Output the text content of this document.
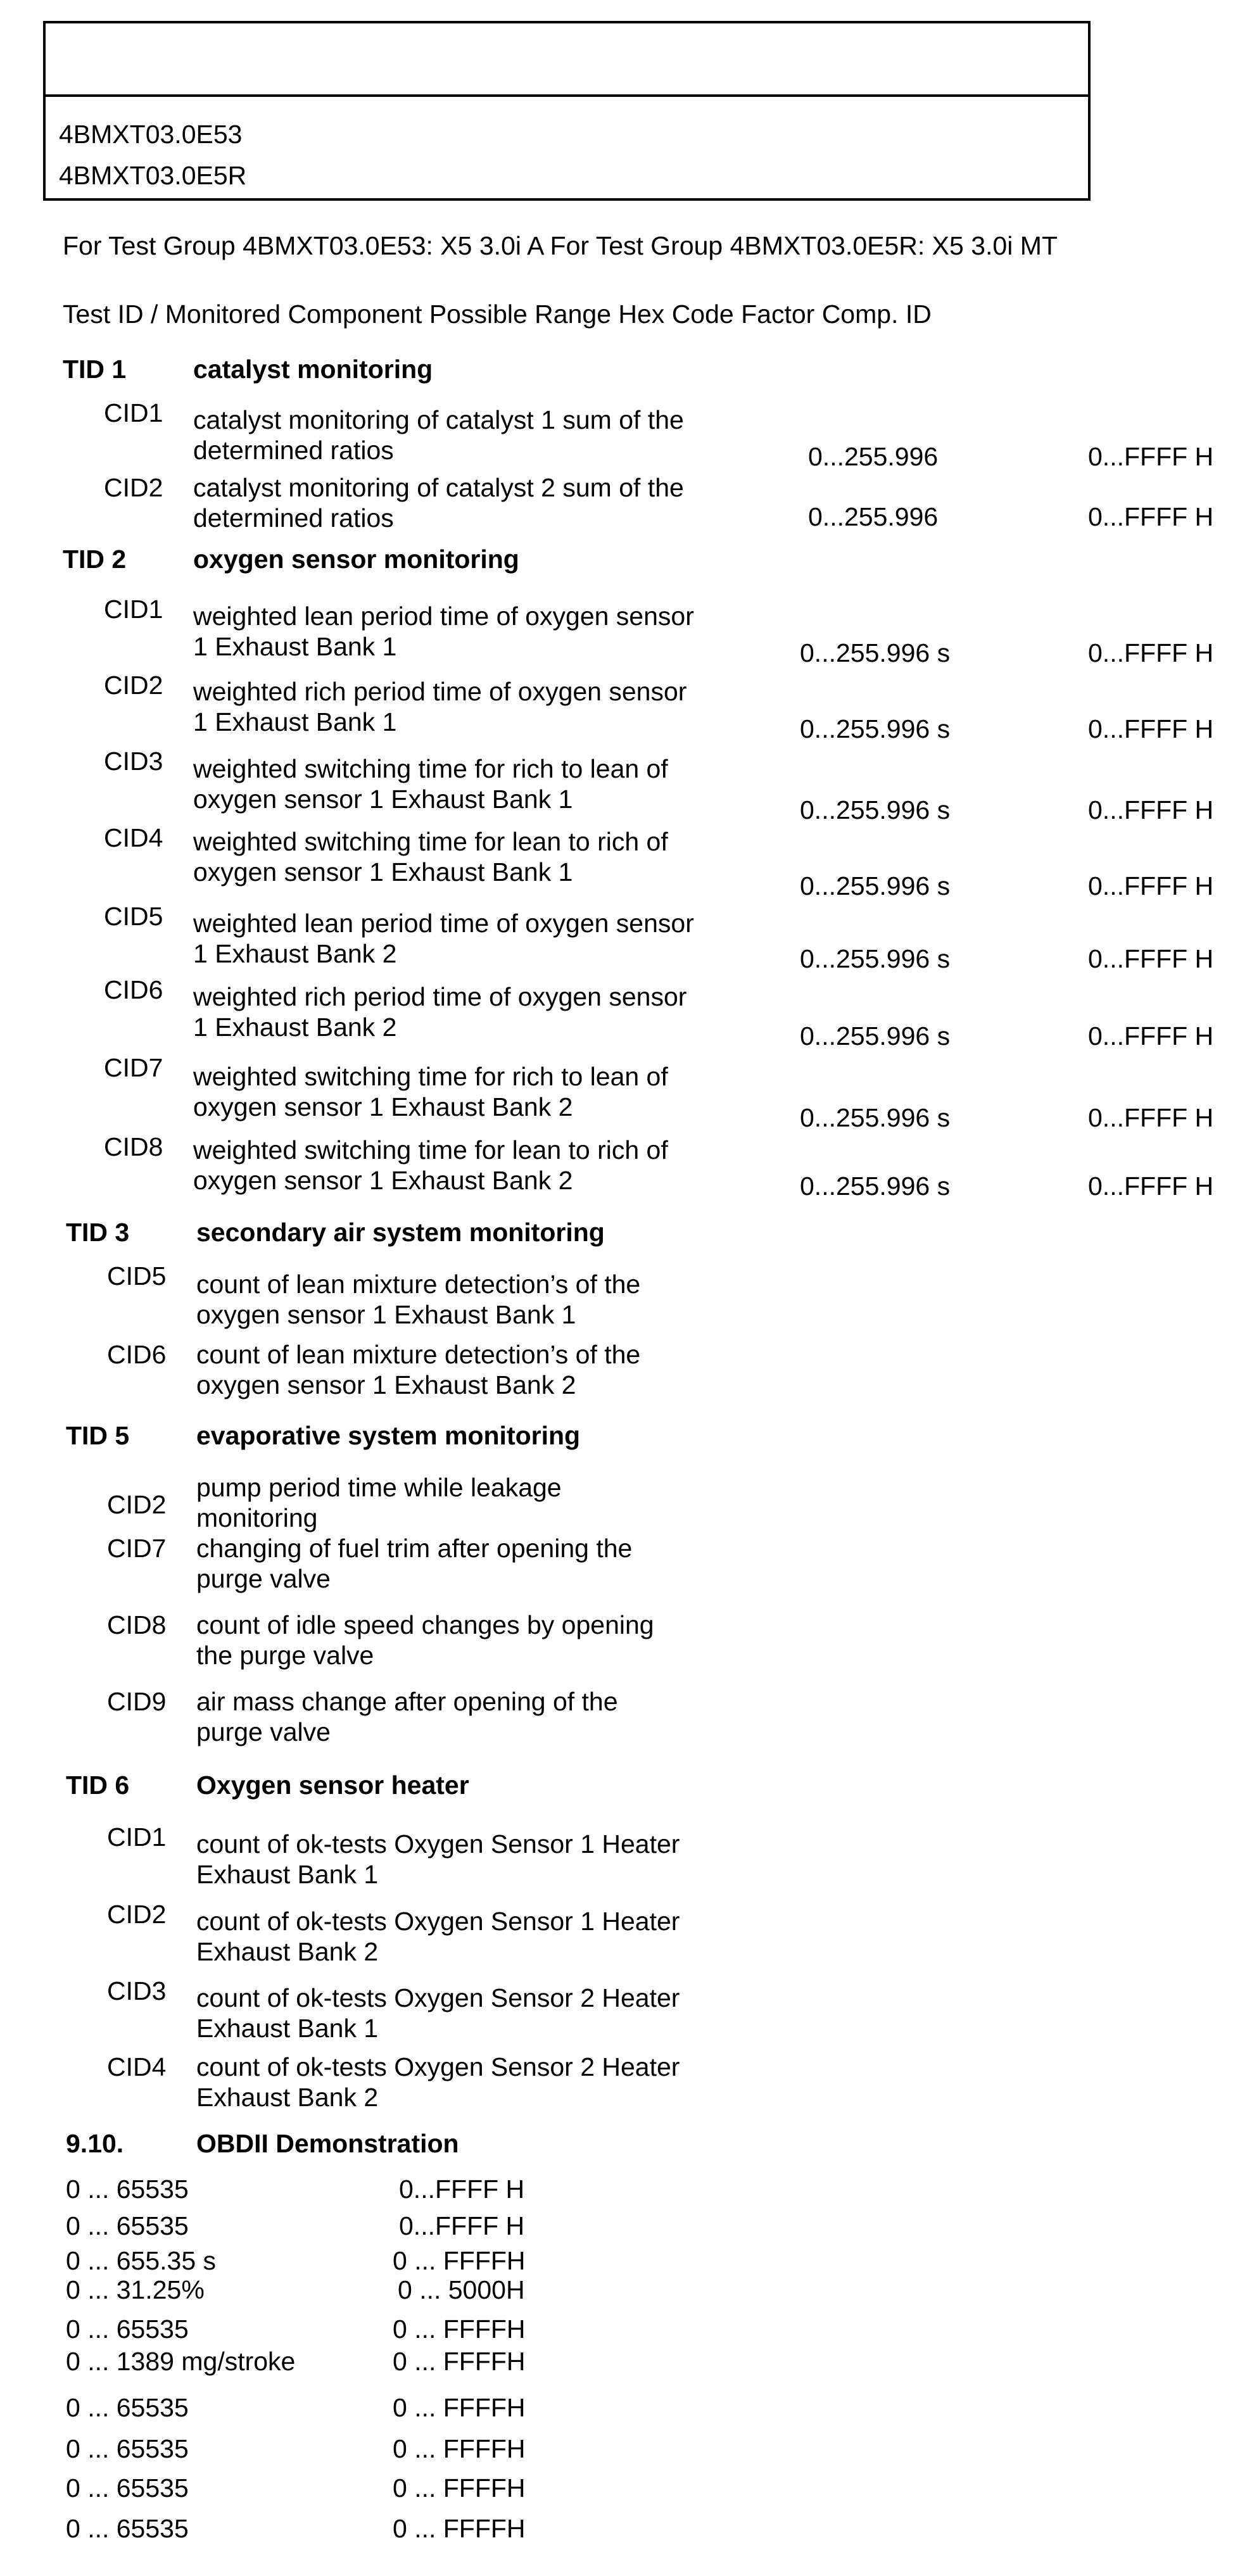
4BMXT03.0E53
4BMXT03.0E5R
For Test Group 4BMXT03.0E53: X5 3.0i A For Test Group 4BMXT03.0E5R: X5 3.0i MT
Test ID / Monitored Component Possible Range Hex Code Factor Comp. ID
TID 1	catalyst monitoring
CID1 catalyst monitoring of catalyst 1 sum of the
determined ratios	0...255.996	0...FFFF H
CID2 catalyst monitoring of catalyst 2 sum of the
determined ratios	0...255.996	0...FFFF H
TID 2	oxygen sensor monitoring
CID1 weighted lean period time of oxygen sensor
1 Exhaust Bank 1	0...255.996 s	0...FFFF H
CID2 weighted rich period time of oxygen sensor
1 Exhaust Bank 1	0...255.996 s	0...FFFF H
CID3 weighted switching time for rich to lean of
oxygen sensor 1 Exhaust Bank 1	0...255.996 s	0...FFFF H
CID4 weighted switching time for lean to rich of
oxygen sensor 1 Exhaust Bank 1	0...255.996 s	0...FFFF H
CID5 weighted lean period time of oxygen sensor
1 Exhaust Bank 2	0...255.996 s	0...FFFF H
CID6 weighted rich period time of oxygen sensor
1 Exhaust Bank 2	0...255.996 s	0...FFFF H
CID7 weighted switching time for rich to lean of
oxygen sensor 1 Exhaust Bank 2	0...255.996 s	0...FFFF H
CID8 weighted switching time for lean to rich of
oxygen sensor 1 Exhaust Bank 2	0...255.996 s	0...FFFF H
TID 3	secondary air system monitoring
CID5 count of lean mixture detection’s of the
oxygen sensor 1 Exhaust Bank 1
CID6 count of lean mixture detection’s of the
oxygen sensor 1 Exhaust Bank 2
TID 5	evaporative system monitoring
CID2
pump period time while leakage
monitoring
CID7 changing of fuel trim after opening the
purge valve
CID8 count of idle speed changes by opening
the purge valve
CID9 air mass change after opening of the
purge valve
TID 6	Oxygen sensor heater
CID1 count of ok-tests Oxygen Sensor 1 Heater
Exhaust Bank 1
CID2 count of ok-tests Oxygen Sensor 1 Heater
Exhaust Bank 2
CID3 count of ok-tests Oxygen Sensor 2 Heater
Exhaust Bank 1
CID4 count of ok-tests Oxygen Sensor 2 Heater
Exhaust Bank 2
9.10.	OBDII Demonstration
0 ... 65535	0...FFFF H
0 ... 65535	0...FFFF H
0 ... 655.35 s	0 ... FFFFH
0 ... 31.25%	0 ... 5000H
0 ... 65535	0 ... FFFFH
0 ... 1389 mg/stroke	0 ... FFFFH
0 ... 65535	0 ... FFFFH
0 ... 65535	0 ... FFFFH
0 ... 65535	0 ... FFFFH
0 ... 65535	0 ... FFFFH
